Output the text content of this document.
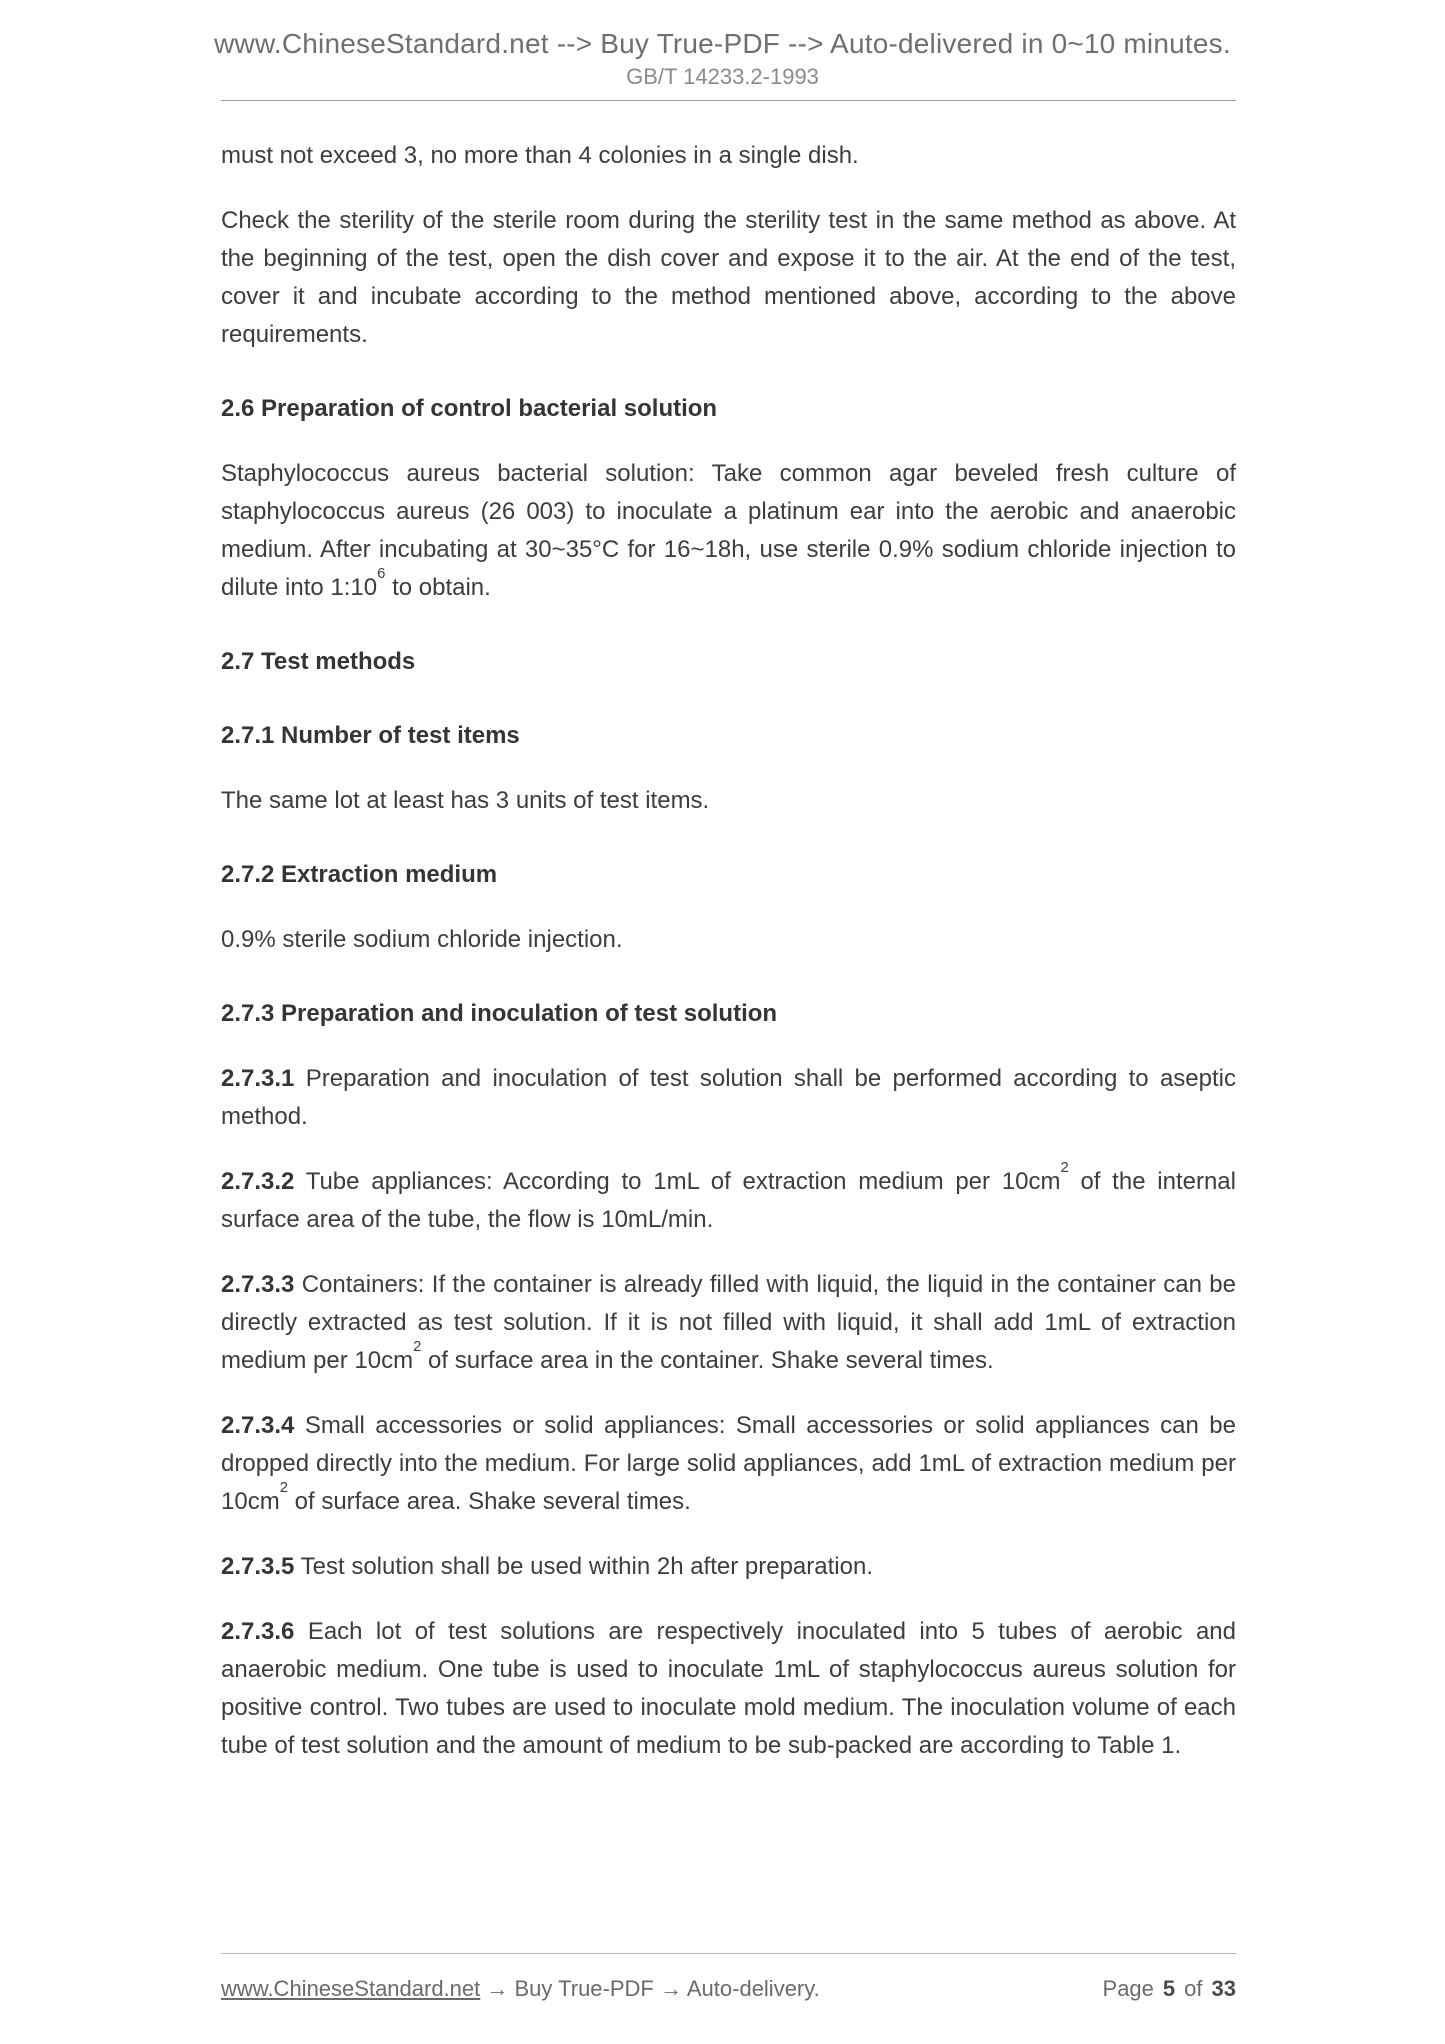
www.ChineseStandard.net --> Buy True-PDF --> Auto-delivered in 0~10 minutes.
GB/T 14233.2-1993

must not exceed 3, no more than 4 colonies in a single dish.

Check the sterility of the sterile room during the sterility test in the same method as above. At the beginning of the test, open the dish cover and expose it to the air. At the end of the test, cover it and incubate according to the method mentioned above, according to the above requirements.

2.6 Preparation of control bacterial solution

Staphylococcus aureus bacterial solution: Take common agar beveled fresh culture of staphylococcus aureus (26 003) to inoculate a platinum ear into the aerobic and anaerobic medium. After incubating at 30~35°C for 16~18h, use sterile 0.9% sodium chloride injection to dilute into $1:10^6$ to obtain.

2.7 Test methods

2.7.1 Number of test items

The same lot at least has 3 units of test items.

2.7.2 Extraction medium

0.9% sterile sodium chloride injection.

2.7.3 Preparation and inoculation of test solution

2.7.3.1 Preparation and inoculation of test solution shall be performed according to aseptic method.

2.7.3.2 Tube appliances: According to 1mL of extraction medium per $10cm^2$ of the internal surface area of the tube, the flow is 10mL/min.

2.7.3.3 Containers: If the container is already filled with liquid, the liquid in the container can be directly extracted as test solution. If it is not filled with liquid, it shall add 1mL of extraction medium per $10cm^2$ of surface area in the container. Shake several times.

2.7.3.4 Small accessories or solid appliances: Small accessories or solid appliances can be dropped directly into the medium. For large solid appliances, add 1mL of extraction medium per $10cm^2$ of surface area. Shake several times.

2.7.3.5 Test solution shall be used within 2h after preparation.

2.7.3.6 Each lot of test solutions are respectively inoculated into 5 tubes of aerobic and anaerobic medium. One tube is used to inoculate 1mL of staphylococcus aureus solution for positive control. Two tubes are used to inoculate mold medium. The inoculation volume of each tube of test solution and the amount of medium to be sub-packed are according to Table 1.

www.ChineseStandard.net → Buy True-PDF → Auto-delivery.	Page 5 of 33
